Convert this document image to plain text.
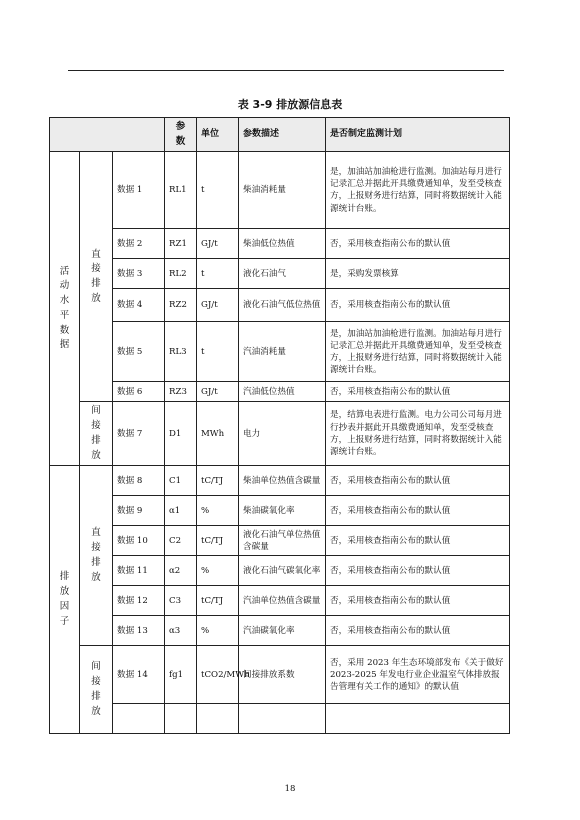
表 3-9 排放源信息表
			参数	单位	参数描述	是否制定监测计划
活动水平数据	直接排放	数据 1	RL1	t	柴油消耗量	是，加油站加油枪进行监测。加油站每月进行记录汇总并据此开具缴费通知单，发至受核查方，上报财务进行结算，同时将数据统计入能源统计台账。
		数据 2	RZ1	GJ/t	柴油低位热值	否，采用核查指南公布的默认值
		数据 3	RL2	t	液化石油气	是，采购发票核算
		数据 4	RZ2	GJ/t	液化石油气低位热值	否，采用核查指南公布的默认值
		数据 5	RL3	t	汽油消耗量	是，加油站加油枪进行监测。加油站每月进行记录汇总并据此开具缴费通知单，发至受核查方，上报财务进行结算，同时将数据统计入能源统计台账。
		数据 6	RZ3	GJ/t	汽油低位热值	否，采用核查指南公布的默认值
	间接排放	数据 7	D1	MWh	电力	是，结算电表进行监测。电力公司公司每月进行抄表并据此开具缴费通知单，发至受核查方，上报财务进行结算，同时将数据统计入能源统计台账。
排放因子	直接排放	数据 8	C1	tC/TJ	柴油单位热值含碳量	否，采用核查指南公布的默认值
		数据 9	α1	%	柴油碳氧化率	否，采用核查指南公布的默认值
		数据 10	C2	tC/TJ	液化石油气单位热值含碳量	否，采用核查指南公布的默认值
		数据 11	α2	%	液化石油气碳氧化率	否，采用核查指南公布的默认值
		数据 12	C3	tC/TJ	汽油单位热值含碳量	否，采用核查指南公布的默认值
		数据 13	α3	%	汽油碳氧化率	否，采用核查指南公布的默认值
	间接排放	数据 14	fg1	tCO2/MWh	间接排放系数	否，采用 2023 年生态环境部发布《关于做好 2023-2025 年发电行业企业温室气体排放报告管理有关工作的通知》的默认值

18
